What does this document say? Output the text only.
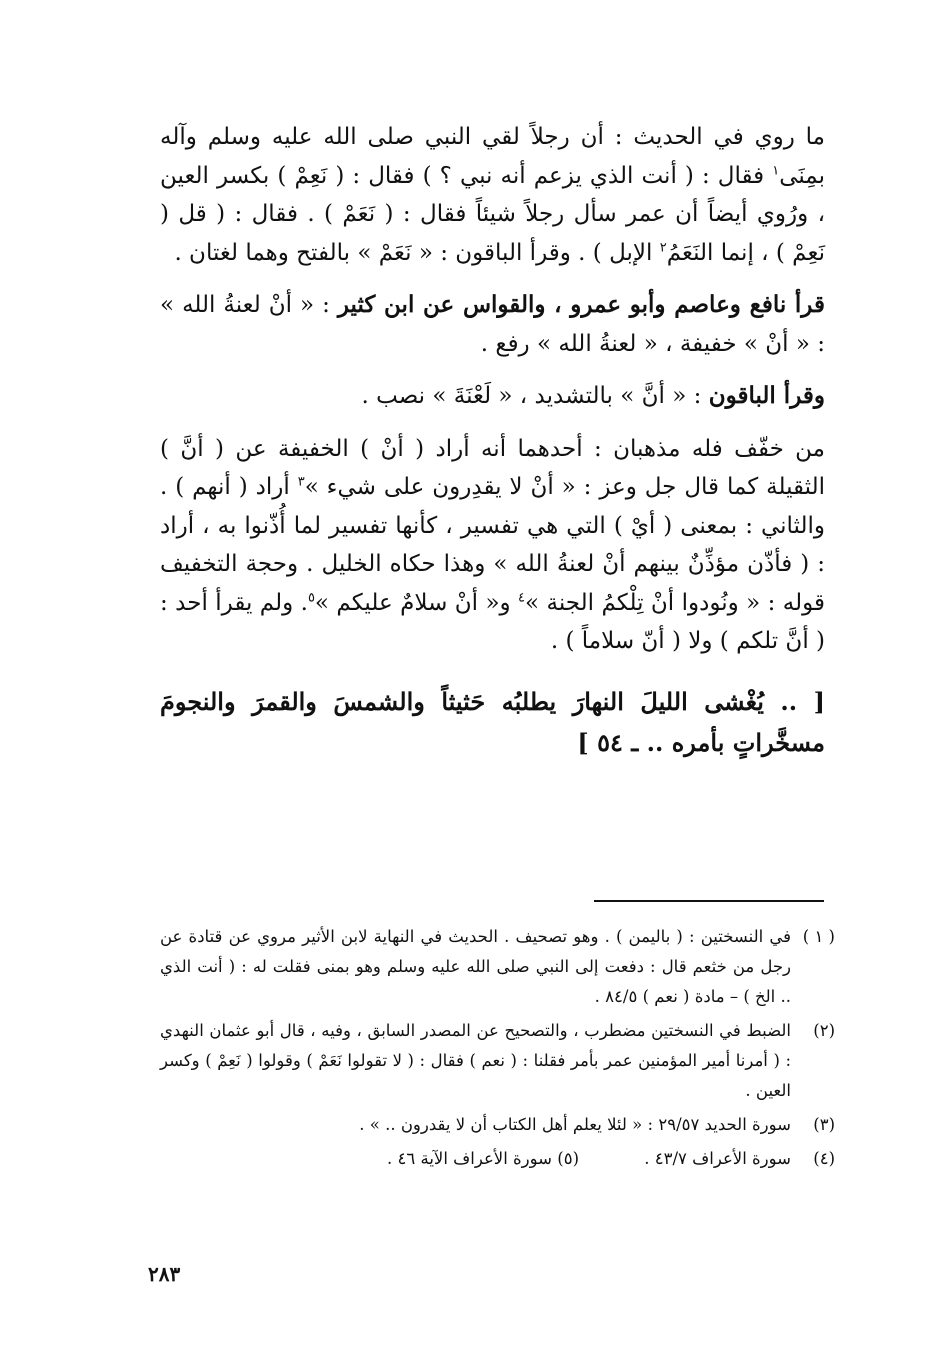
ما روي في الحديث : أن رجلاً لقي النبي صلى الله عليه وسلم وآله بمِنَى$^١$ فقال : ( أنت الذي يزعم أنه نبي ؟ ) فقال : ( نَعِمْ ) بكسر العين ، ورُوي أيضاً أن عمر سأل رجلاً شيئاً فقال : ( نَعَمْ ) . فقال : ( قل ( نَعِمْ ) ، إنما النَعَمُ$^٢$ الإبل ) . وقرأ الباقون : « نَعَمْ » بالفتح وهما لغتان .

قرأ نافع وعاصم وأبو عمرو ، والقواس عن ابن كثير : « أنْ لعنةُ الله » : « أنْ » خفيفة ، « لعنةُ الله » رفع .

وقرأ الباقون : « أنَّ » بالتشديد ، « لَعْنَةَ » نصب .

من خفّف فله مذهبان : أحدهما أنه أراد ( أنْ ) الخفيفة عن ( أنَّ ) الثقيلة كما قال جل وعز : « أنْ لا يقدِرون على شيء »$^٣$ أراد ( أنهم ) . والثاني : بمعنى ( أيْ ) التي هي تفسير ، كأنها تفسير لما أُذّنوا به ، أراد : ( فأذّن مؤذِّنٌ بينهم أنْ لعنةُ الله » وهذا حكاه الخليل . وحجة التخفيف قوله : « ونُودوا أنْ تِلْكمُ الجنة »$^٤$ و« أنْ سلامٌ عليكم »$^٥$. ولم يقرأ أحد : ( أنَّ تلكم ) ولا ( أنّ سلاماً ) .

[ .. يُغْشى الليلَ النهارَ يطلبُه حَثيثاً والشمسَ والقمرَ والنجومَ مسخَّراتٍ بأمره .. ـ ٥٤ ]

( ١ )
في النسختين : ( باليمن ) . وهو تصحيف . الحديث في النهاية لابن الأثير مروي عن قتادة عن رجل من خثعم قال : دفعت إلى النبي صلى الله عليه وسلم وهو بمنى فقلت له : ( أنت الذي .. الخ ) – مادة ( نعم ) ٨٤/٥ .
(٢)
الضبط في النسختين مضطرب ، والتصحيح عن المصدر السابق ، وفيه ، قال أبو عثمان النهدي : ( أمرنا أمير المؤمنين عمر بأمر فقلنا : ( نعم ) فقال : ( لا تقولوا نَعَمْ ) وقولوا ( نَعِمْ ) وكسر العين .
(٣)
سورة الحديد ٢٩/٥٧ : « لئلا يعلم أهل الكتاب أن لا يقدرون .. » .
(٤)
سورة الأعراف ٤٣/٧ . (٥) سورة الأعراف الآية ٤٦ .
٢٨٣
